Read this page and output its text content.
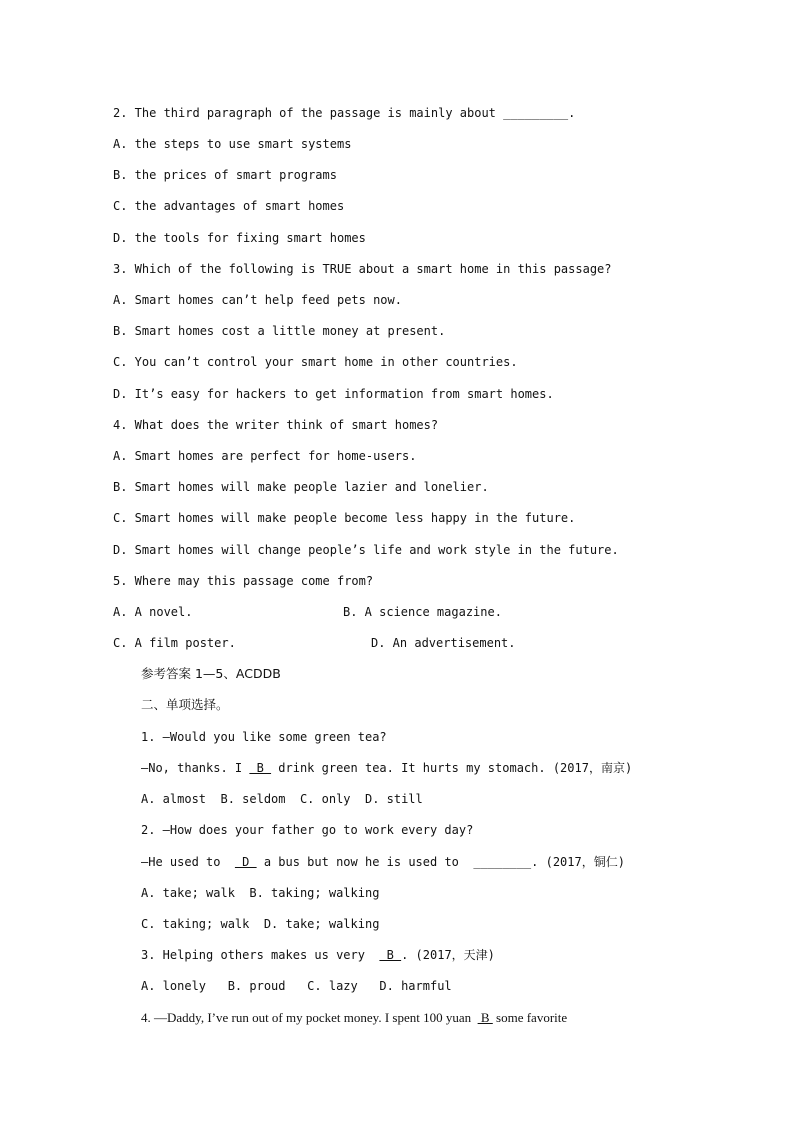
2. The third paragraph of the passage is mainly about _________.
A. the steps to use smart systems
B. the prices of smart programs
C. the advantages of smart homes
D. the tools for fixing smart homes
3. Which of the following is TRUE about a smart home in this passage?
A. Smart homes can’t help feed pets now.
B. Smart homes cost a little money at present.
C. You can’t control your smart home in other countries.
D. It’s easy for hackers to get information from smart homes.
4. What does the writer think of smart homes?
A. Smart homes are perfect for home-users.
B. Smart homes will make people lazier and lonelier.
C. Smart homes will make people become less happy in the future.
D. Smart homes will change people’s life and work style in the future.
5. Where may this passage come from?
A. A novel.	B. A science magazine.
C. A film poster.	D. An advertisement.
参考答案 1—5、ACDDB
二、单项选择。
1. —Would you like some green tea?
—No, thanks. I  B  drink green tea. It hurts my stomach. (2017，南京)
A. almost  B. seldom  C. only  D. still
2. —How does your father go to work every day?
—He used to   D  a bus but now he is used to  ________. (2017，铜仁)
A. take; walk  B. taking; walking
C. taking; walk  D. take; walking
3. Helping others makes us very   B . (2017，天津)
A. lonely   B. proud   C. lazy   D. harmful
4. —Daddy, I’ve run out of my pocket money. I spent 100 yuan   B  some favorite
